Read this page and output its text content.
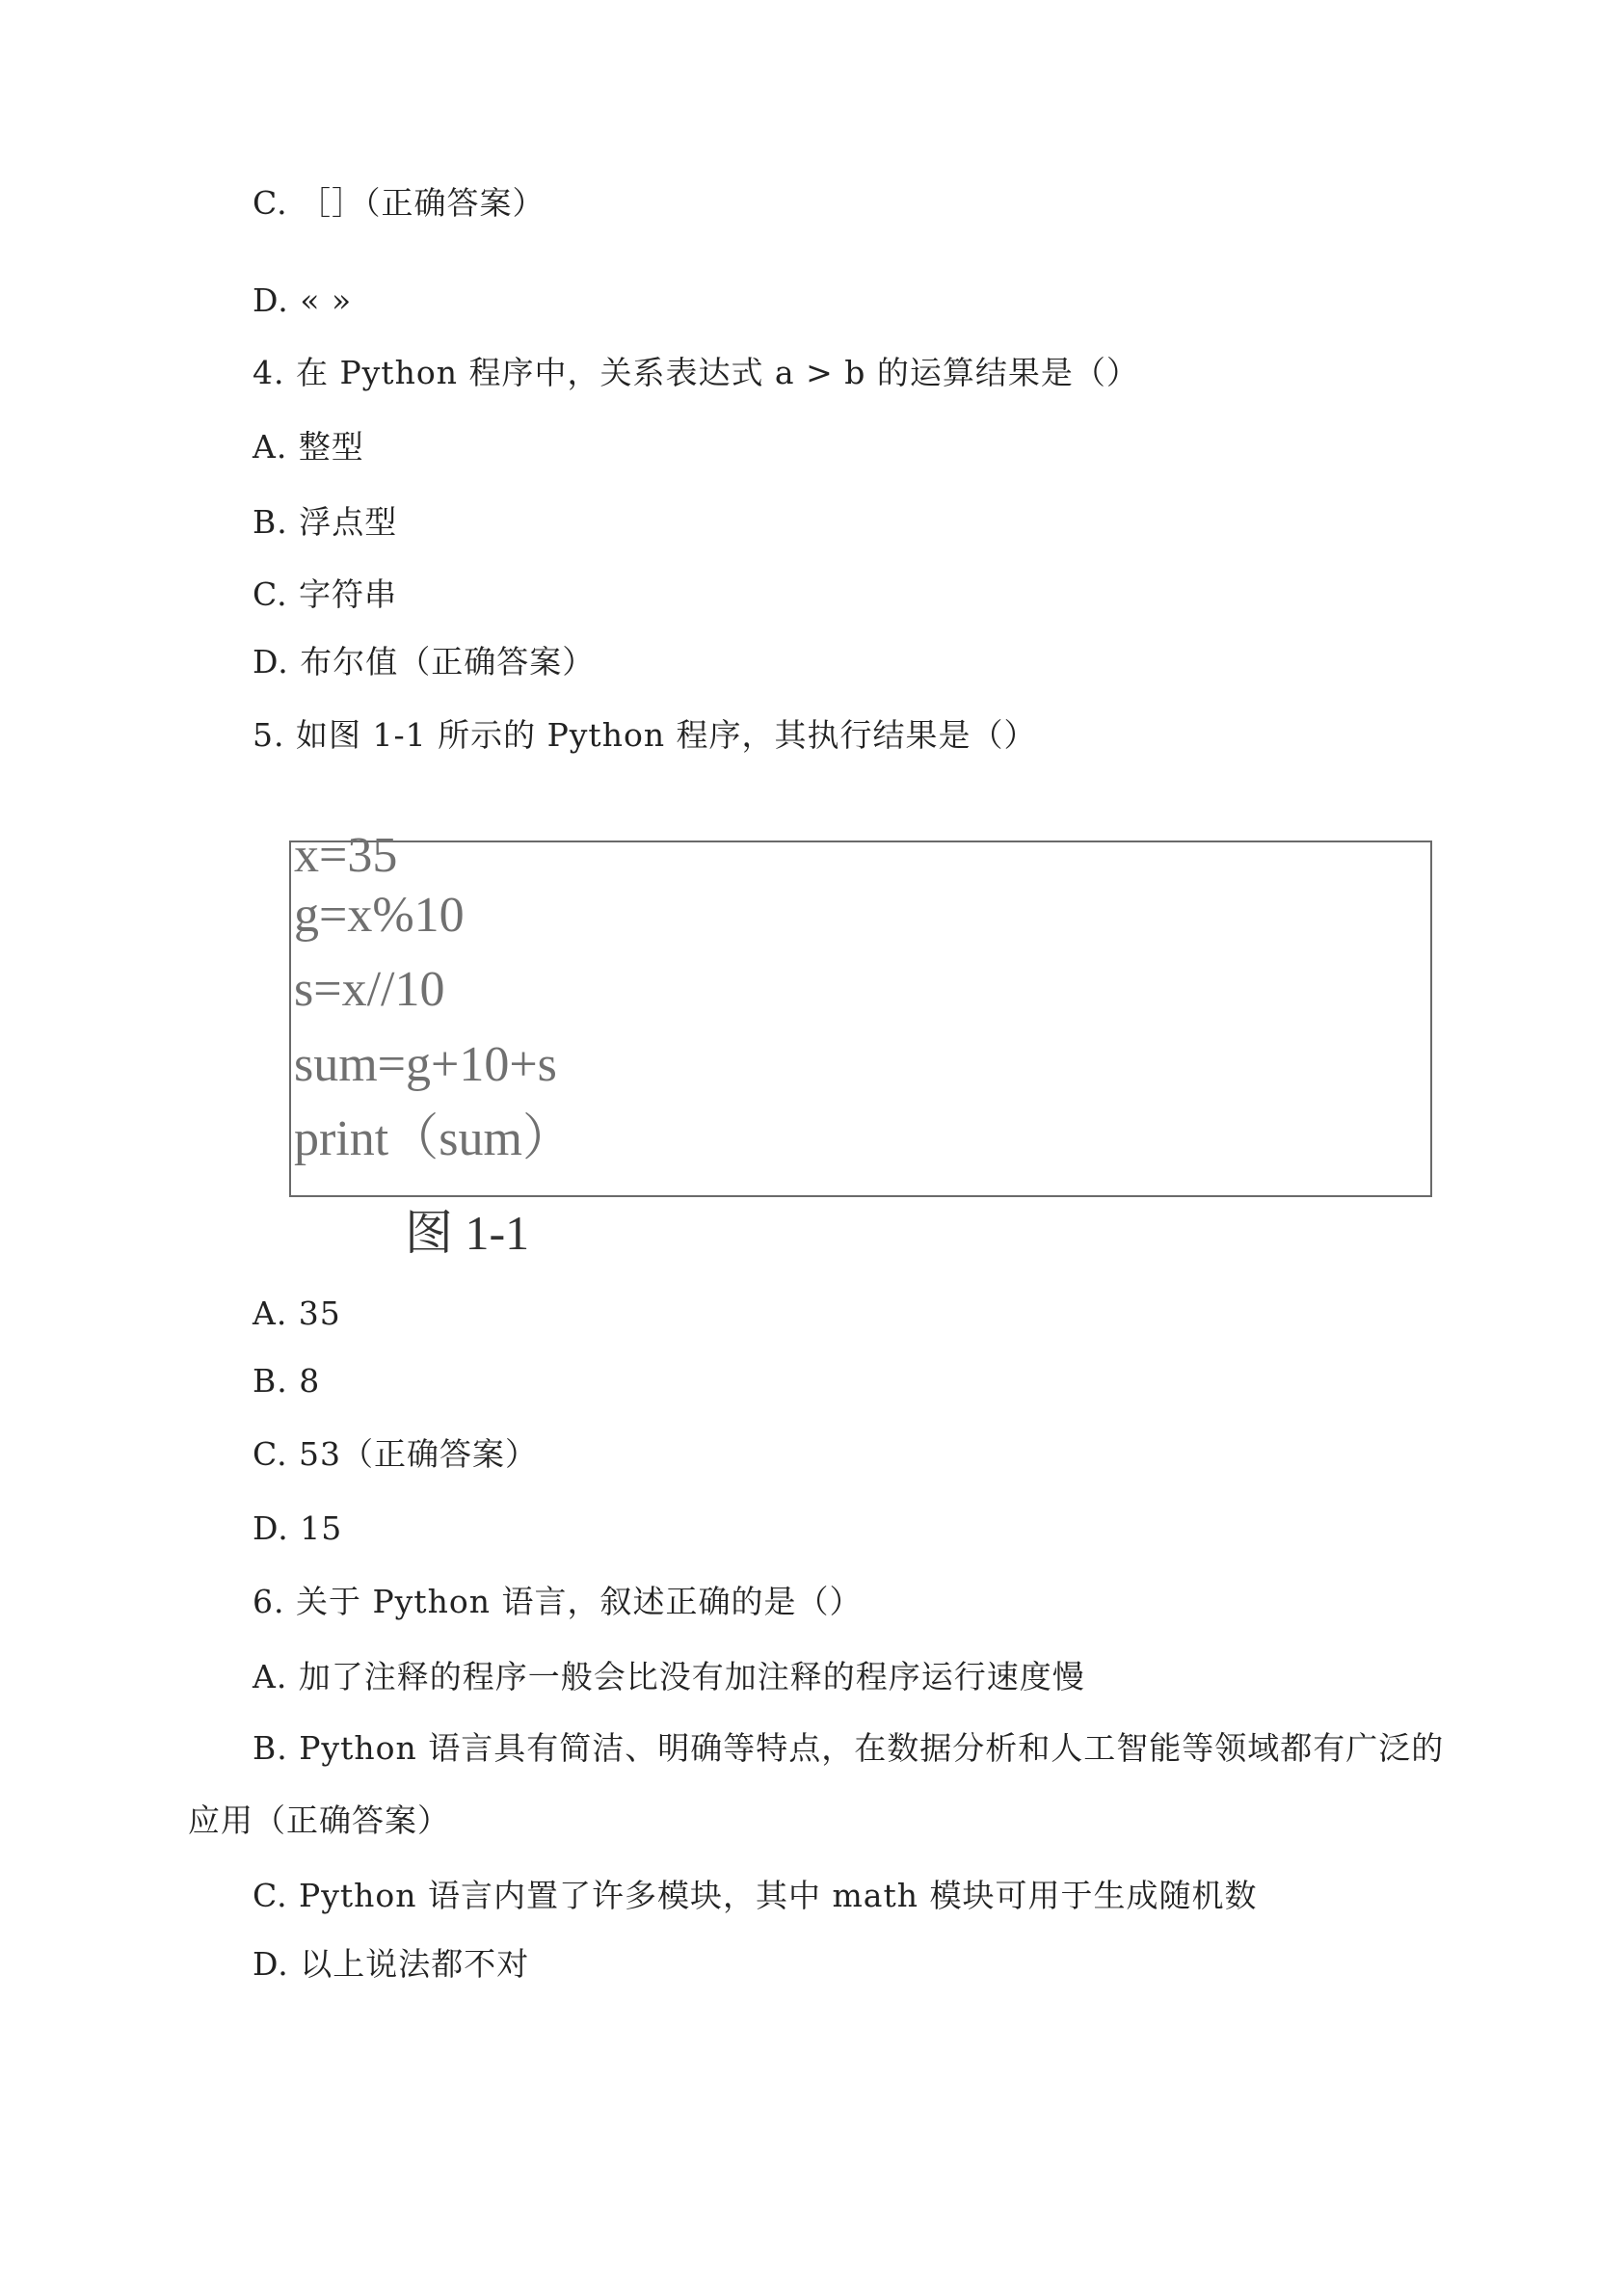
C. ［］（正确答案）
D. « »
4. 在 Python 程序中，关系表达式 a > b 的运算结果是（）
A. 整型
B. 浮点型
C. 字符串
D. 布尔值（正确答案）
5. 如图 1-1 所示的 Python 程序，其执行结果是（）
x=35
g=x%10
s=x//10
sum=g+10+s
print（sum）
图 1-1
A. 35
B. 8
C. 53（正确答案）
D. 15
6. 关于 Python 语言，叙述正确的是（）
A. 加了注释的程序一般会比没有加注释的程序运行速度慢
B. Python 语言具有简洁、明确等特点，在数据分析和人工智能等领域都有广泛的
应用（正确答案）
C. Python 语言内置了许多模块，其中 math 模块可用于生成随机数
D. 以上说法都不对
